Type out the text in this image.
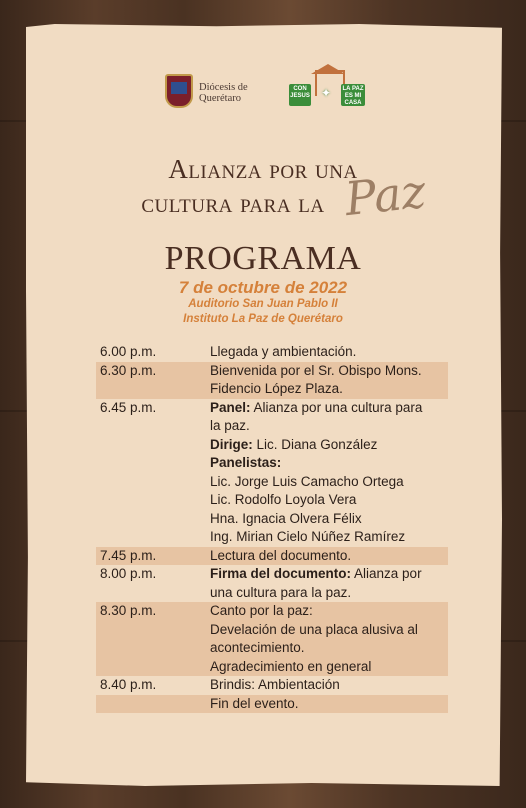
Diócesis de
Querétaro	✦
CON JESUS
LA PAZ ES MI CASA
Alianza por una
cultura para la Paz
PROGRAMA
7 de octubre de 2022
Auditorio San Juan Pablo II
Instituto La Paz de Querétaro
6.00 p.m.	Llegada y ambientación.
6.30 p.m.	Bienvenida por el Sr. Obispo Mons.
Fidencio López Plaza.
6.45 p.m.	Panel: Alianza por una cultura para
la paz.
Dirige: Lic. Diana González
Panelistas:
Lic. Jorge Luis Camacho Ortega
Lic. Rodolfo Loyola Vera
Hna. Ignacia Olvera Félix
Ing. Mirian Cielo Núñez Ramírez
7.45 p.m.	Lectura del documento.
8.00 p.m.	Firma del documento: Alianza por
una cultura para la paz.
8.30 p.m.	Canto por la paz:
Develación de una placa alusiva al
acontecimiento.
Agradecimiento en general
8.40 p.m.	Brindis: Ambientación
Fin del evento.
